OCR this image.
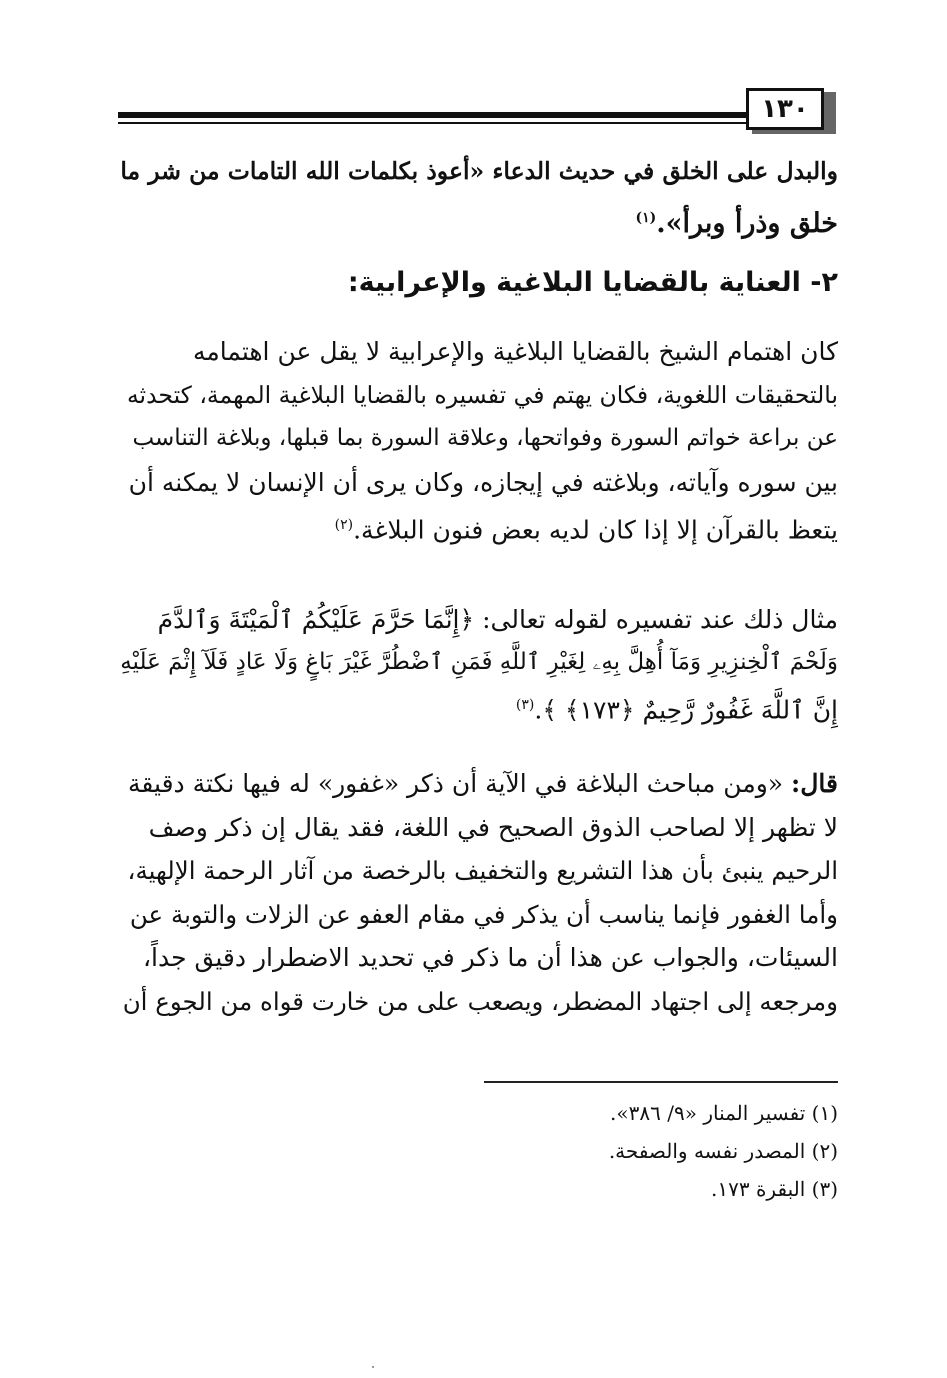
١٣٠
والبدل على الخلق في حديث الدعاء «أعوذ بكلمات الله التامات من شر ما
خلق وذرأ وبرأ».$^{(١)}$
٢- العناية بالقضايا البلاغية والإعرابية:
كان اهتمام الشيخ بالقضايا البلاغية والإعرابية لا يقل عن اهتمامه
بالتحقيقات اللغوية، فكان يهتم في تفسيره بالقضايا البلاغية المهمة، كتحدثه
عن براعة خواتم السورة وفواتحها، وعلاقة السورة بما قبلها، وبلاغة التناسب
بين سوره وآياته، وبلاغته في إيجازه، وكان يرى أن الإنسان لا يمكنه أن
يتعظ بالقرآن إلا إذا كان لديه بعض فنون البلاغة.$^{(٢)}$
مثال ذلك عند تفسيره لقوله تعالى: ﴿إِنَّمَا حَرَّمَ عَلَيْكُمُ ٱلْمَيْتَةَ وَٱلدَّمَ
وَلَحْمَ ٱلْخِنزِيرِ وَمَآ أُهِلَّ بِهِۦ لِغَيْرِ ٱللَّهِ فَمَنِ ٱضْطُرَّ غَيْرَ بَاغٍ وَلَا عَادٍ فَلَآ إِثْمَ عَلَيْهِ
إِنَّ ٱللَّهَ غَفُورٌ رَّحِيمٌ ﴿١٧٣﴾ ﴾.$^{(٣)}$
قال: «ومن مباحث البلاغة في الآية أن ذكر «غفور» له فيها نكتة دقيقة
لا تظهر إلا لصاحب الذوق الصحيح في اللغة، فقد يقال إن ذكر وصف
الرحيم ينبئ بأن هذا التشريع والتخفيف بالرخصة من آثار الرحمة الإلهية،
وأما الغفور فإنما يناسب أن يذكر في مقام العفو عن الزلات والتوبة عن
السيئات، والجواب عن هذا أن ما ذكر في تحديد الاضطرار دقيق جداً،
ومرجعه إلى اجتهاد المضطر، ويصعب على من خارت قواه من الجوع أن
(١) تفسير المنار «٩/ ٣٨٦».
(٢) المصدر نفسه والصفحة.
(٣) البقرة ١٧٣.
